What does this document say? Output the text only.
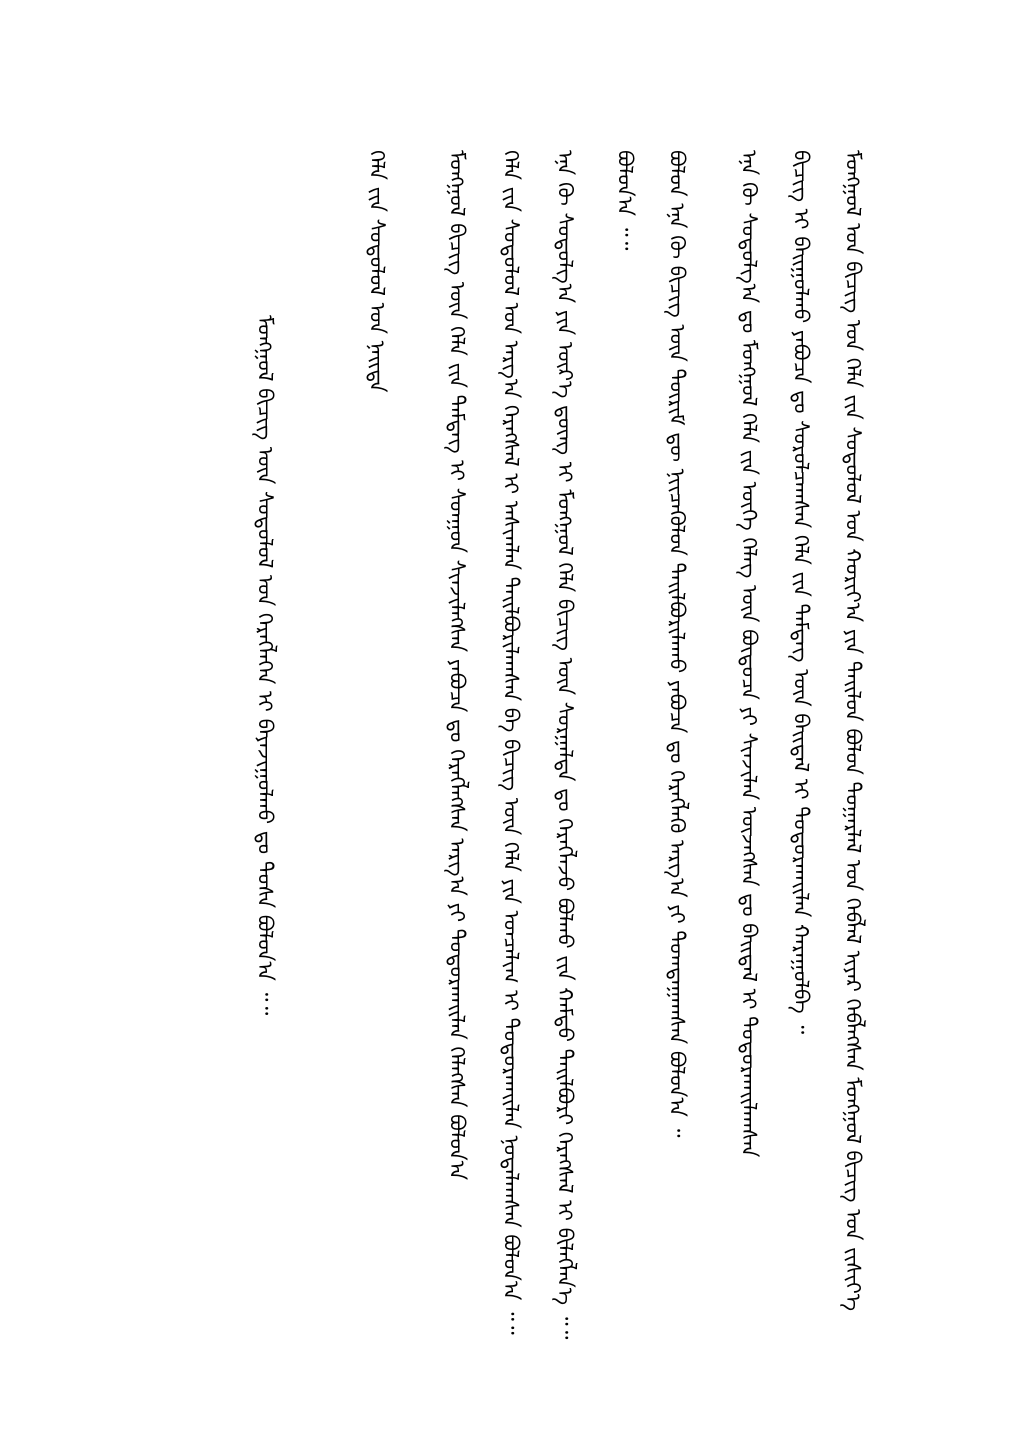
ᠮᠣᠩᠭᠣᠯ ᠤᠨ ᠪᠢᠴᠢᠭ ᠤᠨ ᠬᠡᠯᠡ ᠵᠢᠨ ᠰᠤᠳᠤᠯᠤᠯ ᠤᠨ ᠬᠣᠷᠢᠶ᠎ᠠ ᠶᠢᠨ ᠲᠠᠢᠯᠤᠨ ᠪᠤᠯᠤᠨ ᠳᠤᠭᠠᠷᠯᠠᠯ ᠤᠨ ᠬᠡᠪᠯᠡᠯ ᠢᠶᠡᠷ ᠬᠡᠪᠯᠡᠭᠰᠡᠨ ᠮᠣᠩᠭᠣᠯ ᠪᠢᠴᠢᠭ᠌ ᠤᠨ ᠵᠢᠱᠢᠶ᠎ᠡ
ᠪᠢᠴᠢᠭ ᠢ ᠪᠠᠢᠭᠤᠯᠬᠤ ᠶᠠᠪᠤᠴᠠ ᠳᠤ ᠰᠤᠷᠤᠯᠴᠠᠭ᠍ᠰᠠᠨ ᠬᠡᠯᠡ ᠵᠢᠨ ᠲᠡᠮᠳᠡᠭ ᠦᠨ ᠪᠠᠢᠳᠠᠯ ᠢ ᠲᠣᠳᠣᠷᠬᠠᠢᠯᠠᠨ ᠬᠠᠷᠠᠭᠤᠯᠪᠠ ᠃
ᠡᠨᠡ ᠬᠦ ᠰᠤᠳᠤᠯᠭ᠎ᠠ ᠳᠤ ᠮᠣᠩᠭᠣᠯ ᠬᠡᠯᠡ ᠵᠢᠨ ᠦᠭᠡ ᠬᠡᠯᠡᠭ ᠦᠨ ᠪᠦᠲᠦᠴᠡ ᠶᠢ ᠰᠢᠨᠵᠢᠯᠡᠨ ᠦᠵᠡᠭᠰᠡᠨ ᠳᠤ ᠪᠠᠢᠳᠠᠯ ᠢ ᠲᠣᠳᠣᠷᠬᠠᠢᠯᠠᠭᠰᠠᠨ
ᠪᠤᠯᠤᠨ ᠡᠨᠡ ᠬᠦ ᠪᠢᠴᠢᠭ ᠦᠨ ᠳᠦᠷᠢᠮ ᠳᠦ ᠨᠢᠢᠴᠡᠭᠦᠯᠦᠨ ᠲᠠᠢᠯᠪᠤᠷᠢᠯᠠᠬᠤ ᠶᠠᠪᠤᠴᠠ ᠳᠤ ᠬᠡᠷᠡᠭᠯᠡᠬᠦ ᠠᠷᠭ᠎ᠠ ᠶᠢ ᠲᠣᠭᠲᠠᠭᠠᠭᠰᠠᠨ ᠪᠣᠯᠤᠨ᠎ᠠ ᠃
ᠪᠤᠯᠤᠨ᠎ᠠ ᠃᠃
ᠡᠨᠡ ᠬᠦ ᠰᠤᠳᠤᠯᠭ᠎ᠠ ᠶᠢᠨ ᠦᠷ᠎ᠡ ᠳ᠋ᠦᠩ ᠢ ᠮᠣᠩᠭᠣᠯ ᠬᠡᠯᠡ ᠪᠢᠴᠢᠭ ᠦᠨ ᠰᠤᠷᠭᠠᠯᠲᠠ ᠳᠤ ᠬᠡᠷᠡᠭᠯᠡᠵᠦ ᠪᠣᠯᠬᠤ ᠵᠢᠨ ᠬᠠᠮᠲᠤ ᠲᠠᠢᠯᠪᠤᠷᠢ ᠬᠡᠷᠡᠭᠰᠡᠯ ᠢ ᠪᠢᠯᠡᠭᠯᠡᠨ᠎ᠡ ᠃᠃
ᠬᠡᠯᠡ ᠵᠢᠨ ᠰᠤᠳᠤᠯᠤᠯ ᠤᠨ ᠠᠷᠭ᠎ᠠ ᠬᠡᠷᠡᠭᠰᠡᠯ ᠢ ᠠᠰᠢᠭᠯᠠᠨ ᠲᠠᠢᠯᠪᠤᠷᠢᠯᠠᠭᠰᠠᠨ ᠪᠠ ᠪᠢᠴᠢᠭ ᠦᠨ ᠬᠡᠯᠡ ᠶᠢᠨ ᠣᠨᠴᠠᠯᠢᠭ ᠢ ᠲᠣᠳᠣᠷᠬᠠᠢᠯᠠᠨ ᠨᠣᠲᠠᠯᠠᠭᠰᠠᠨ ᠪᠣᠯᠤᠨ᠎ᠠ ᠃᠃
ᠮᠣᠩᠭᠣᠯ ᠪᠢᠴᠢᠭ ᠦᠨ ᠬᠡᠯᠡ ᠵᠢᠨ ᠲᠡᠮᠳᠡᠭ ᠢ ᠰᠣᠨᠭᠣᠨ ᠰᠢᠨᠵᠢᠯᠡᠭᠰᠡᠨ ᠶᠠᠪᠤᠴᠠ ᠳᠤ ᠬᠡᠷᠡᠭᠯᠡᠭᠰᠡᠨ ᠠᠷᠭ᠎ᠠ ᠶᠢ ᠲᠣᠳᠣᠷᠬᠠᠢᠯᠠᠨ ᠬᠡᠯᠡᠭᠰᠡᠨ ᠪᠣᠯᠤᠨ᠎ᠠ
ᠬᠡᠯᠡ ᠵᠢᠨ ᠰᠤᠳᠤᠯᠤᠯ ᠤᠨ ᠨᠡᠢᠲᠡ
ᠮᠣᠩᠭᠣᠯ ᠪᠢᠴᠢᠭ ᠦᠨ ᠰᠤᠳᠤᠯᠤᠯ ᠤᠨ ᠬᠡᠷᠡᠭᠯᠡᠭᠡᠨ ᠢ ᠪᠠᠶᠠᠵᠢᠭᠤᠯᠬᠤ ᠳᠤ ᠳᠤᠰᠠ ᠪᠣᠯᠤᠨ᠎ᠠ ᠃᠃
